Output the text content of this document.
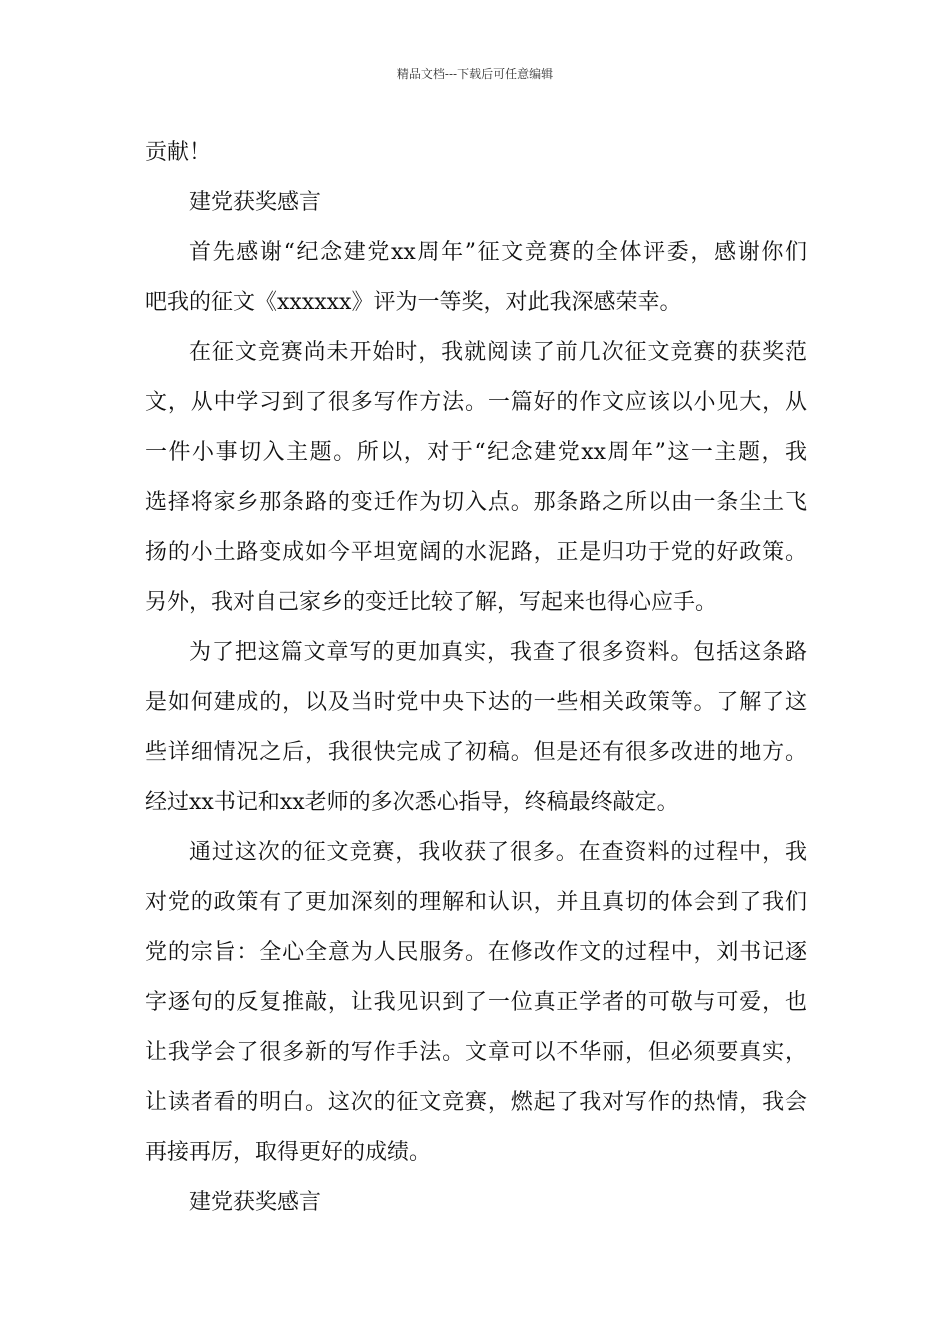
精品文档---下载后可任意编辑
贡献！
建党获奖感言
首先感谢“纪念建党xx周年”征文竞赛的全体评委，感谢你们
吧我的征文《xxxxxx》评为一等奖，对此我深感荣幸。
在征文竞赛尚未开始时，我就阅读了前几次征文竞赛的获奖范
文，从中学习到了很多写作方法。一篇好的作文应该以小见大，从
一件小事切入主题。所以，对于“纪念建党xx周年”这一主题，我
选择将家乡那条路的变迁作为切入点。那条路之所以由一条尘土飞
扬的小土路变成如今平坦宽阔的水泥路，正是归功于党的好政策。
另外，我对自己家乡的变迁比较了解，写起来也得心应手。
为了把这篇文章写的更加真实，我查了很多资料。包括这条路
是如何建成的，以及当时党中央下达的一些相关政策等。了解了这
些详细情况之后，我很快完成了初稿。但是还有很多改进的地方。
经过xx书记和xx老师的多次悉心指导，终稿最终敲定。
通过这次的征文竞赛，我收获了很多。在查资料的过程中，我
对党的政策有了更加深刻的理解和认识，并且真切的体会到了我们
党的宗旨：全心全意为人民服务。在修改作文的过程中，刘书记逐
字逐句的反复推敲，让我见识到了一位真正学者的可敬与可爱，也
让我学会了很多新的写作手法。文章可以不华丽，但必须要真实，
让读者看的明白。这次的征文竞赛，燃起了我对写作的热情，我会
再接再厉，取得更好的成绩。
建党获奖感言
